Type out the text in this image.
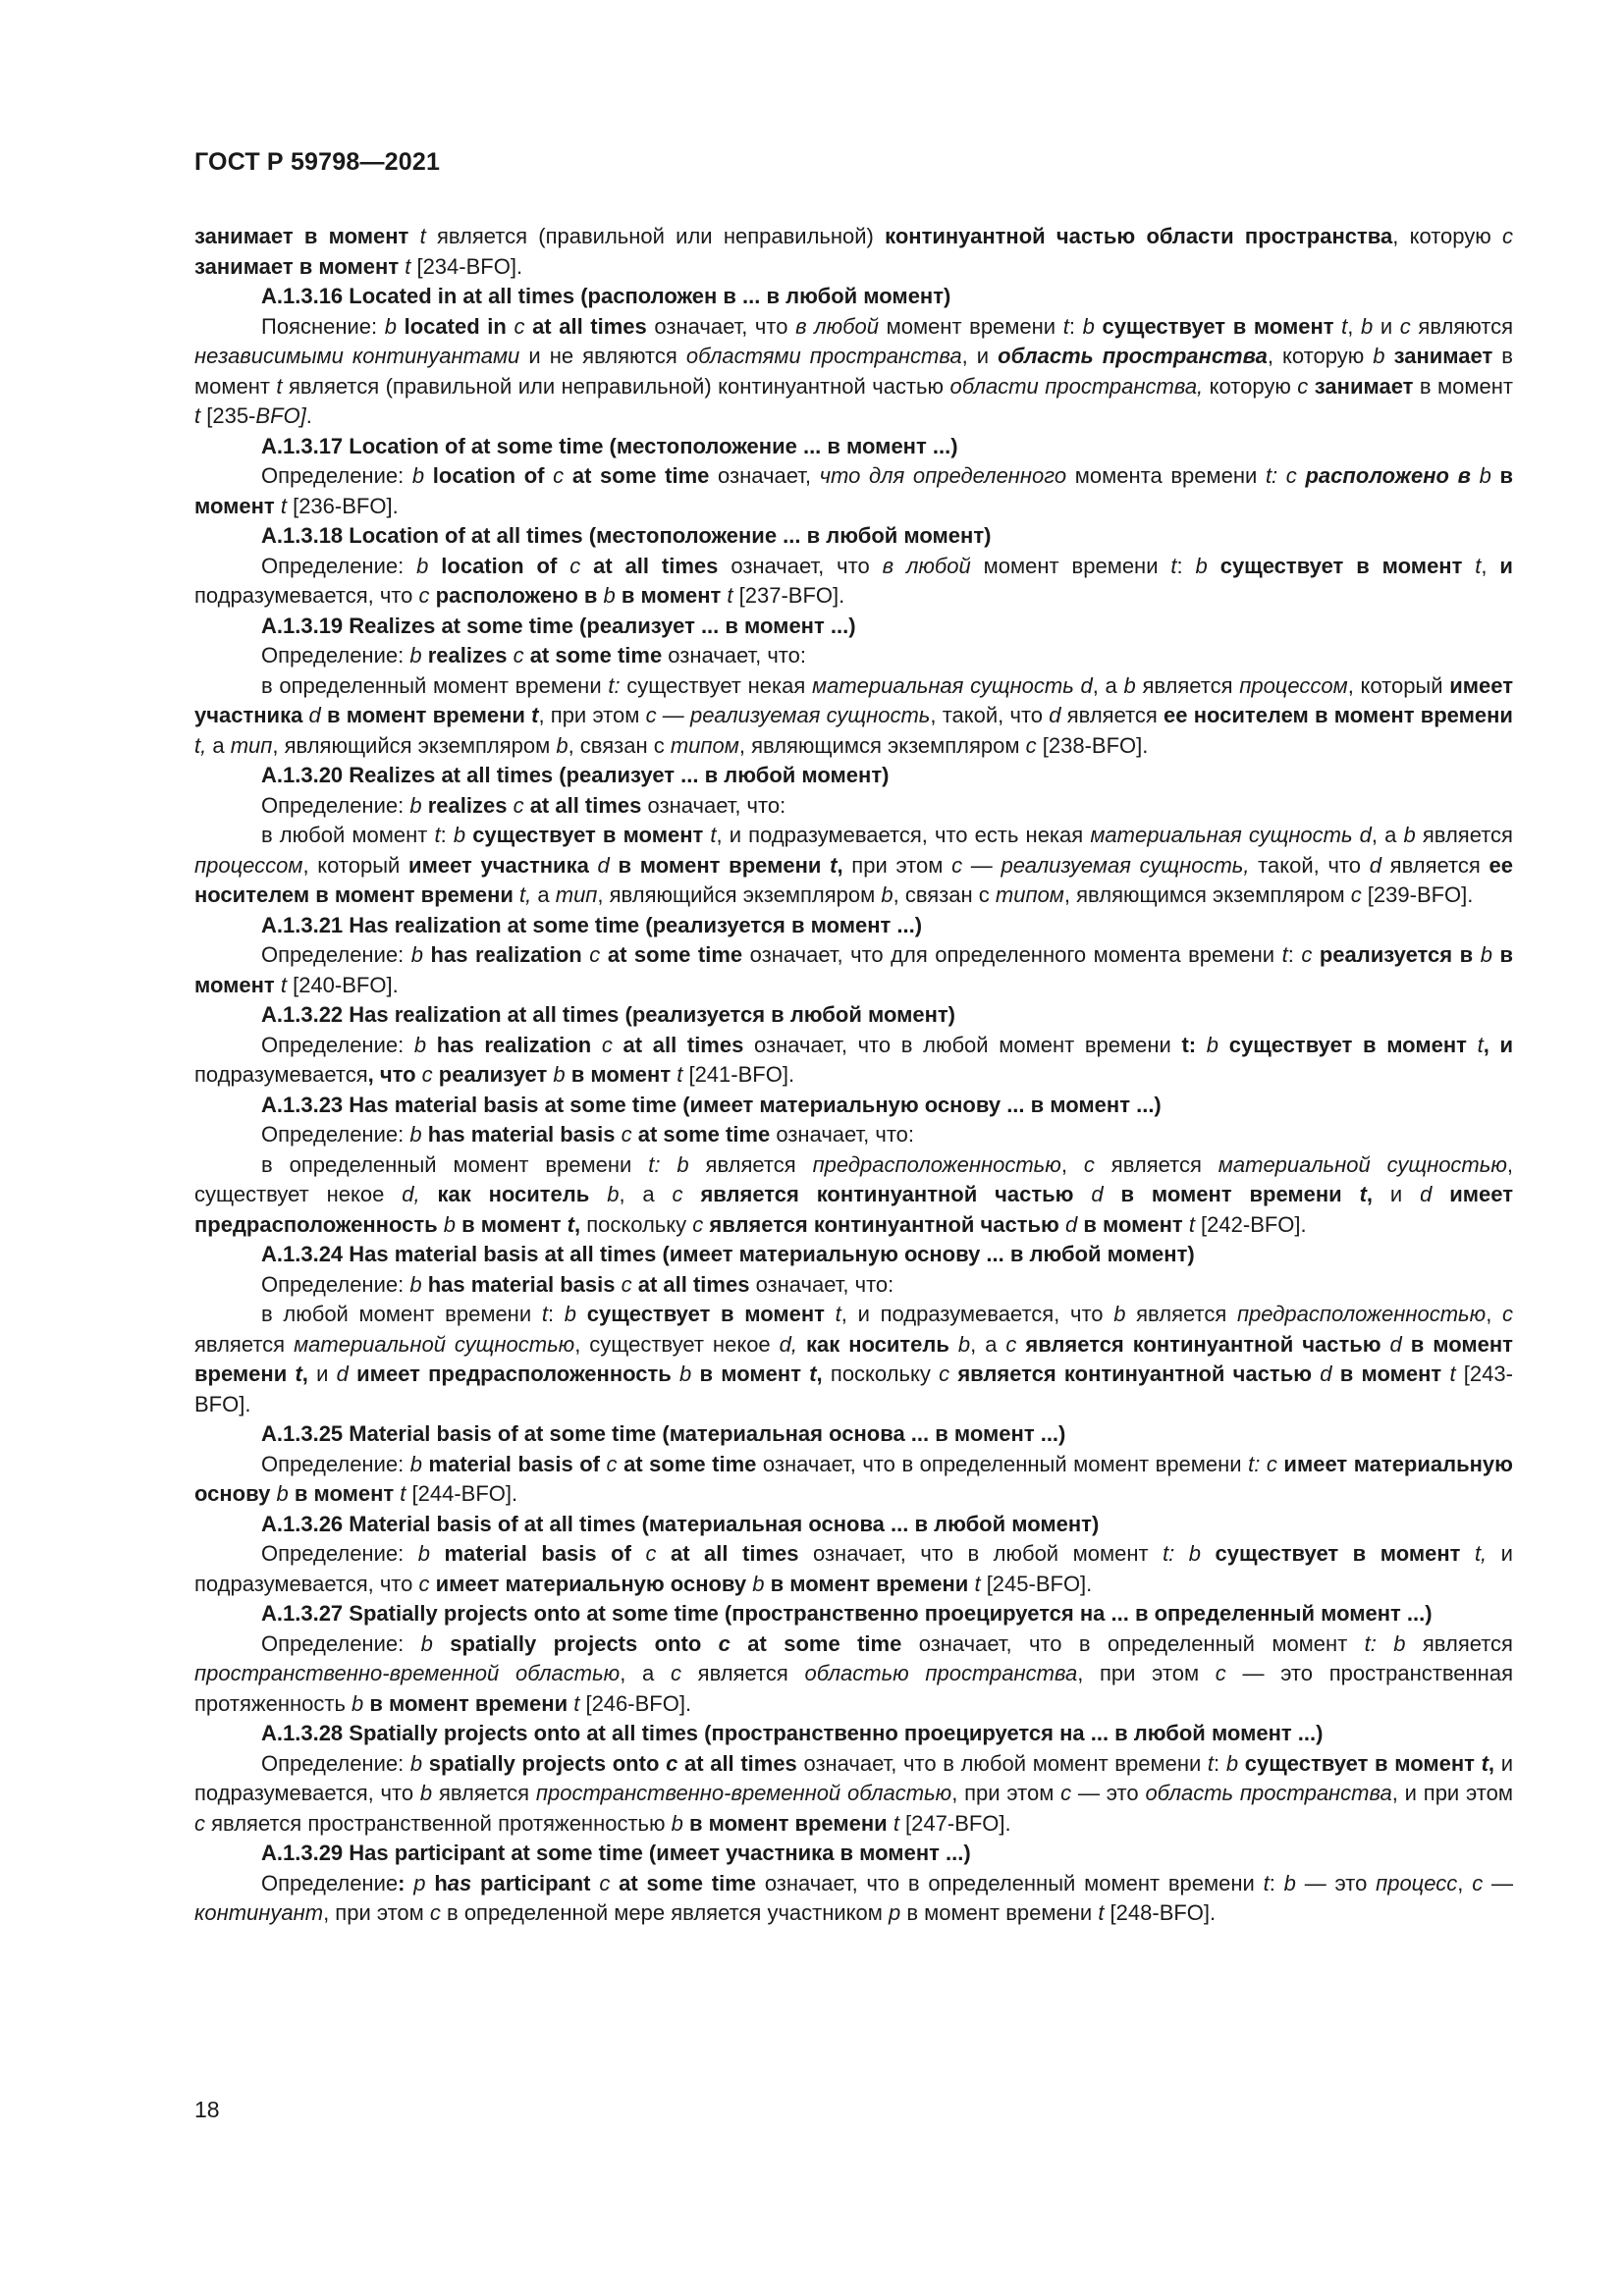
ГОСТ Р 59798—2021

занимает в момент t является (правильной или неправильной) континуантной частью области пространства, которую c занимает в момент t [234-BFO].

А.1.3.16 Located in at all times (расположен в ... в любой момент)

Пояснение: b located in c at all times означает, что в любой момент времени t: b существует в момент t, b и c являются независимыми континуантами и не являются областями пространства, и область пространства, которую b занимает в момент t является (правильной или неправильной) континуантной частью области пространства, которую c занимает в момент t [235-BFO].

А.1.3.17 Location of at some time (местоположение ... в момент ...)

Определение: b location of c at some time означает, что для определенного момента времени t: c расположено в b в момент t [236-BFO].

А.1.3.18 Location of at all times (местоположение ... в любой момент)

Определение: b location of c at all times означает, что в любой момент времени t: b существует в момент t, и подразумевается, что c расположено в b в момент t [237-BFO].

А.1.3.19 Realizes at some time (реализует ... в момент ...)

Определение: b realizes c at some time означает, что:

в определенный момент времени t: существует некая материальная сущность d, а b является процессом, который имеет участника d в момент времени t, при этом c — реализуемая сущность, такой, что d является ее носителем в момент времени t, а тип, являющийся экземпляром b, связан с типом, являющимся экземпляром c [238-BFO].

А.1.3.20 Realizes at all times (реализует ... в любой момент)

Определение: b realizes c at all times означает, что:

в любой момент t: b существует в момент t, и подразумевается, что есть некая материальная сущность d, а b является процессом, который имеет участника d в момент времени t, при этом c — реализуемая сущность, такой, что d является ее носителем в момент времени t, а тип, являющийся экземпляром b, связан с типом, являющимся экземпляром c [239-BFO].

А.1.3.21 Has realization at some time (реализуется в момент ...)

Определение: b has realization c at some time означает, что для определенного момента времени t: c реализуется в b в момент t [240-BFO].

А.1.3.22 Has realization at all times (реализуется в любой момент)

Определение: b has realization c at all times означает, что в любой момент времени t: b существует в момент t, и подразумевается, что c реализует b в момент t [241-BFO].

А.1.3.23 Has material basis at some time (имеет материальную основу ... в момент ...)

Определение: b has material basis c at some time означает, что:

в определенный момент времени t: b является предрасположенностью, c является материальной сущностью, существует некое d, как носитель b, а c является континуантной частью d в момент времени t, и d имеет предрасположенность b в момент t, поскольку c является континуантной частью d в момент t [242-BFO].

А.1.3.24 Has material basis at all times (имеет материальную основу ... в любой момент)

Определение: b has material basis c at all times означает, что:

в любой момент времени t: b существует в момент t, и подразумевается, что b является предрасположенностью, c является материальной сущностью, существует некое d, как носитель b, а c является континуантной частью d в момент времени t, и d имеет предрасположенность b в момент t, поскольку c является континуантной частью d в момент t [243-BFO].

А.1.3.25 Material basis of at some time (материальная основа ... в момент ...)

Определение: b material basis of c at some time означает, что в определенный момент времени t: c имеет материальную основу b в момент t [244-BFO].

А.1.3.26 Material basis of at all times (материальная основа ... в любой момент)

Определение: b material basis of c at all times означает, что в любой момент t: b существует в момент t, и подразумевается, что c имеет материальную основу b в момент времени t [245-BFO].

А.1.3.27 Spatially projects onto at some time (пространственно проецируется на ... в определенный момент ...)

Определение: b spatially projects onto c at some time означает, что в определенный момент t: b является пространственно-временной областью, а c является областью пространства, при этом c — это пространственная протяженность b в момент времени t [246-BFO].

А.1.3.28 Spatially projects onto at all times (пространственно проецируется на ... в любой момент ...)

Определение: b spatially projects onto c at all times означает, что в любой момент времени t: b существует в момент t, и подразумевается, что b является пространственно-временной областью, при этом c — это область пространства, и при этом c является пространственной протяженностью b в момент времени t [247-BFO].

А.1.3.29 Has participant at some time (имеет участника в момент ...)

Определение: p has participant c at some time означает, что в определенный момент времени t: b — это процесс, c — континуант, при этом c в определенной мере является участником p в момент времени t [248-BFO].

18
